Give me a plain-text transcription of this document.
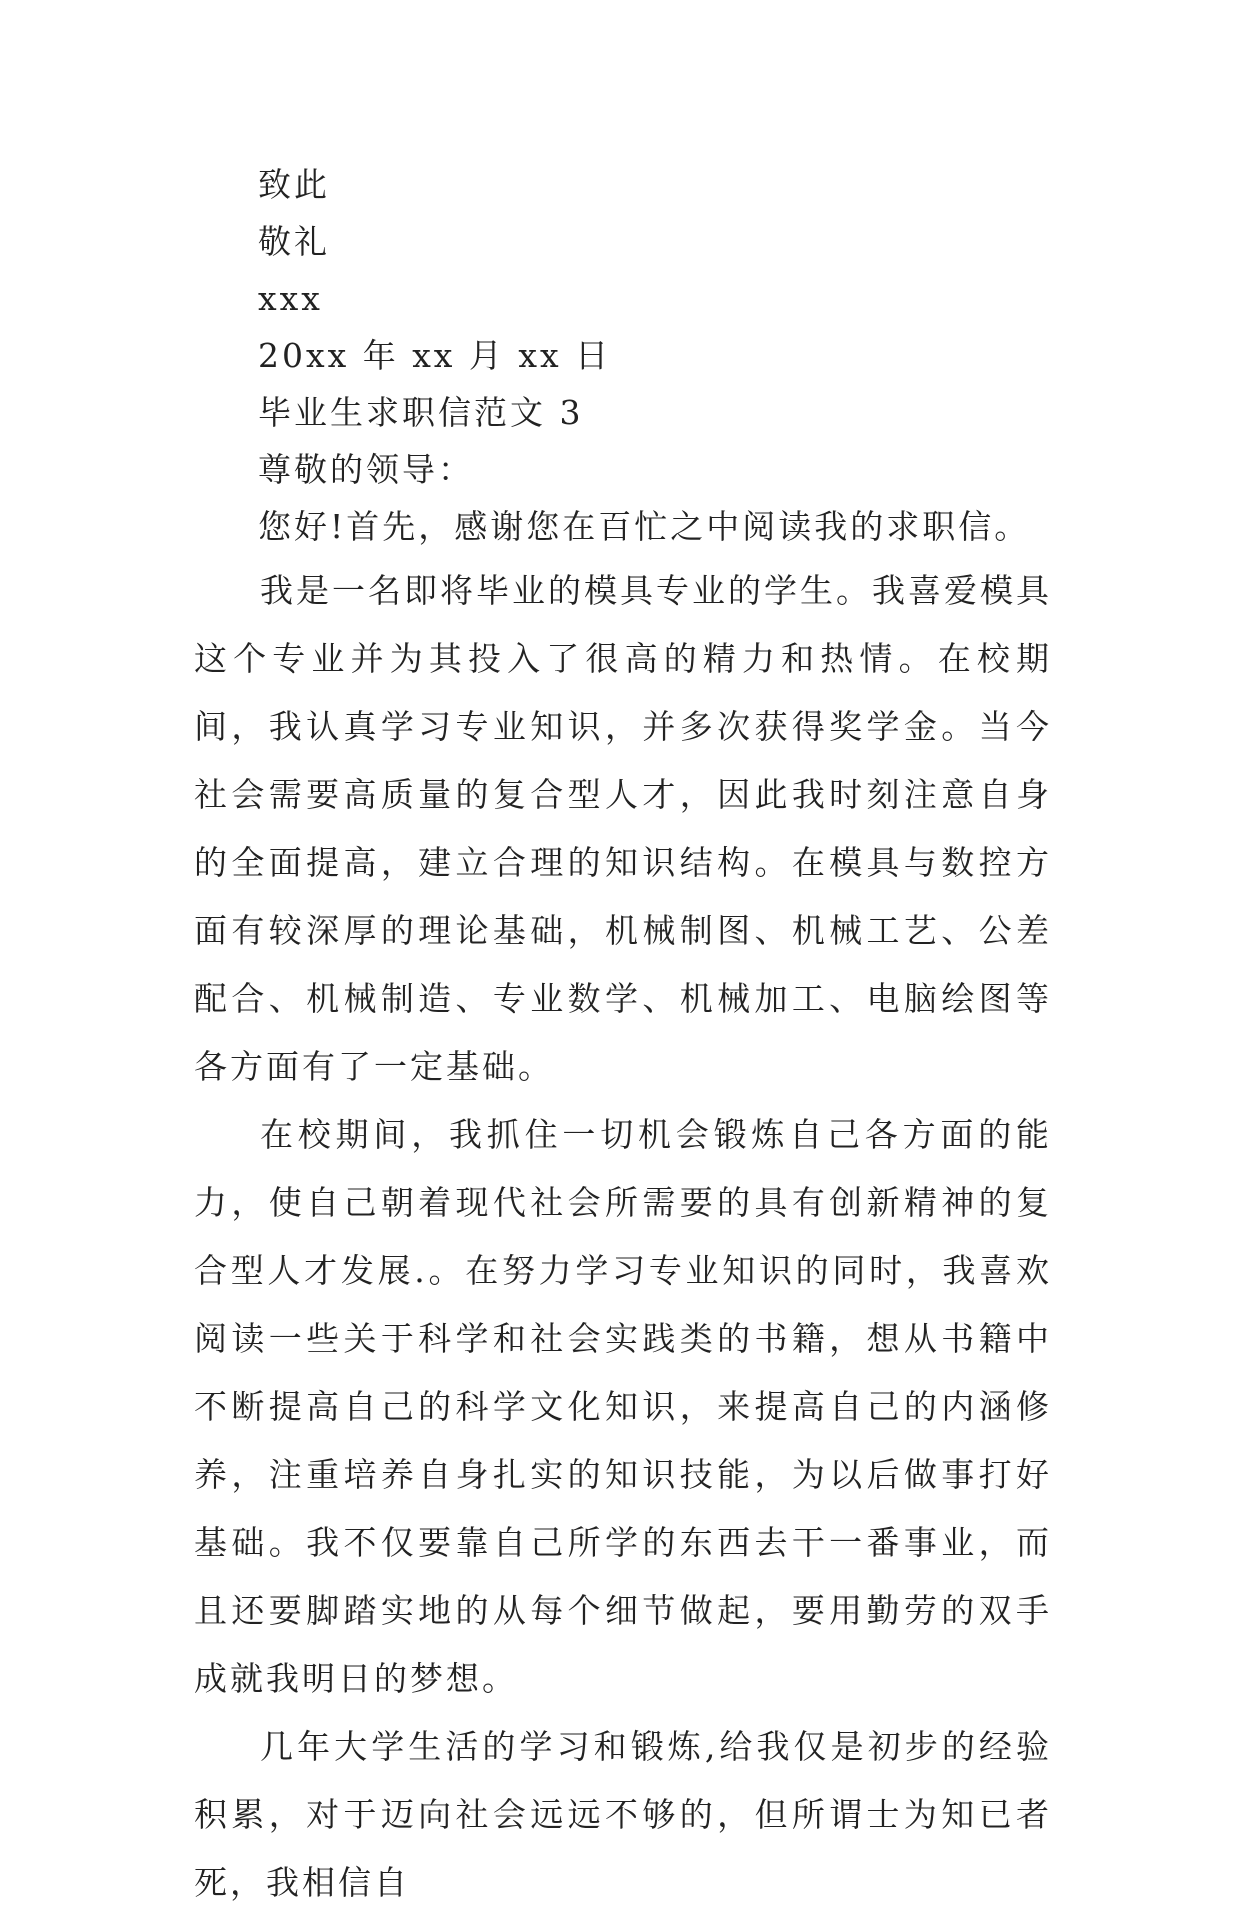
致此

敬礼

xxx

20xx 年 xx 月 xx 日

毕业生求职信范文 3

尊敬的领导：

您好!首先，感谢您在百忙之中阅读我的求职信。

我是一名即将毕业的模具专业的学生。我喜爱模具这个专业并为其投入了很高的精力和热情。在校期间，我认真学习专业知识，并多次获得奖学金。当今社会需要高质量的复合型人才，因此我时刻注意自身的全面提高，建立合理的知识结构。在模具与数控方面有较深厚的理论基础，机械制图、机械工艺、公差配合、机械制造、专业数学、机械加工、电脑绘图等各方面有了一定基础。

在校期间，我抓住一切机会锻炼自己各方面的能力，使自己朝着现代社会所需要的具有创新精神的复合型人才发展.。在努力学习专业知识的同时，我喜欢阅读一些关于科学和社会实践类的书籍，想从书籍中不断提高自己的科学文化知识，来提高自己的内涵修养，注重培养自身扎实的知识技能，为以后做事打好基础。我不仅要靠自己所学的东西去干一番事业，而且还要脚踏实地的从每个细节做起，要用勤劳的双手成就我明日的梦想。

几年大学生活的学习和锻炼,给我仅是初步的经验积累，对于迈向社会远远不够的，但所谓士为知已者死，我相信自
